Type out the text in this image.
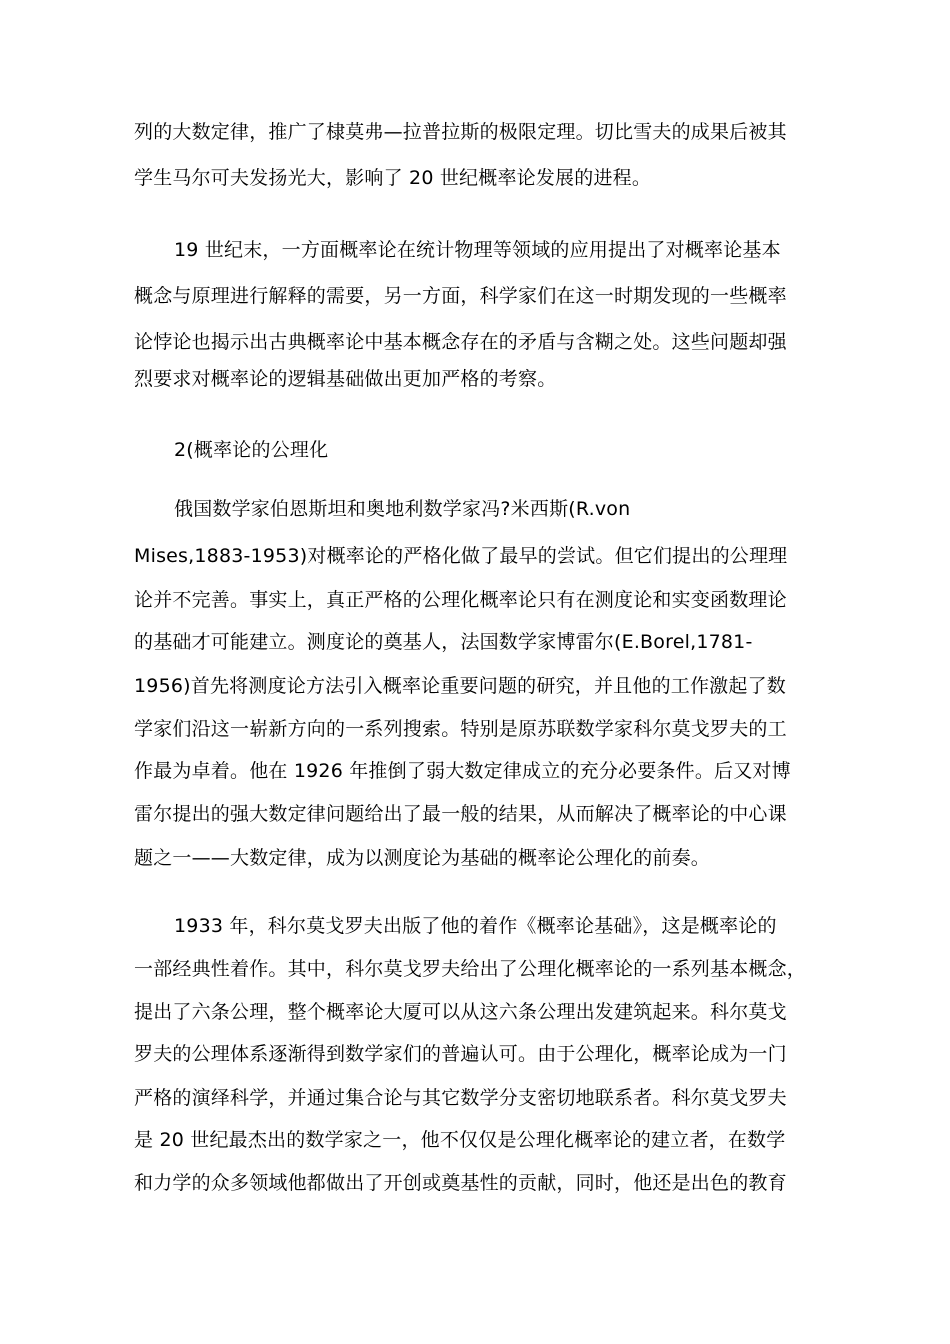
列的大数定律，推广了棣莫弗—拉普拉斯的极限定理。切比雪夫的成果后被其
学生马尔可夫发扬光大，影响了 20 世纪概率论发展的进程。
19 世纪末，一方面概率论在统计物理等领域的应用提出了对概率论基本
概念与原理进行解释的需要，另一方面，科学家们在这一时期发现的一些概率
论悖论也揭示出古典概率论中基本概念存在的矛盾与含糊之处。这些问题却强
烈要求对概率论的逻辑基础做出更加严格的考察。
2(概率论的公理化
俄国数学家伯恩斯坦和奥地利数学家冯?米西斯(R.von
Mises,1883-1953)对概率论的严格化做了最早的尝试。但它们提出的公理理
论并不完善。事实上，真正严格的公理化概率论只有在测度论和实变函数理论
的基础才可能建立。测度论的奠基人，法国数学家博雷尔(E.Borel,1781-
1956)首先将测度论方法引入概率论重要问题的研究，并且他的工作激起了数
学家们沿这一崭新方向的一系列搜索。特别是原苏联数学家科尔莫戈罗夫的工
作最为卓着。他在 1926 年推倒了弱大数定律成立的充分必要条件。后又对博
雷尔提出的强大数定律问题给出了最一般的结果，从而解决了概率论的中心课
题之一——大数定律，成为以测度论为基础的概率论公理化的前奏。
1933 年，科尔莫戈罗夫出版了他的着作《概率论基础》，这是概率论的
一部经典性着作。其中，科尔莫戈罗夫给出了公理化概率论的一系列基本概念，
提出了六条公理，整个概率论大厦可以从这六条公理出发建筑起来。科尔莫戈
罗夫的公理体系逐渐得到数学家们的普遍认可。由于公理化，概率论成为一门
严格的演绎科学，并通过集合论与其它数学分支密切地联系者。科尔莫戈罗夫
是 20 世纪最杰出的数学家之一，他不仅仅是公理化概率论的建立者，在数学
和力学的众多领域他都做出了开创或奠基性的贡献，同时，他还是出色的教育
